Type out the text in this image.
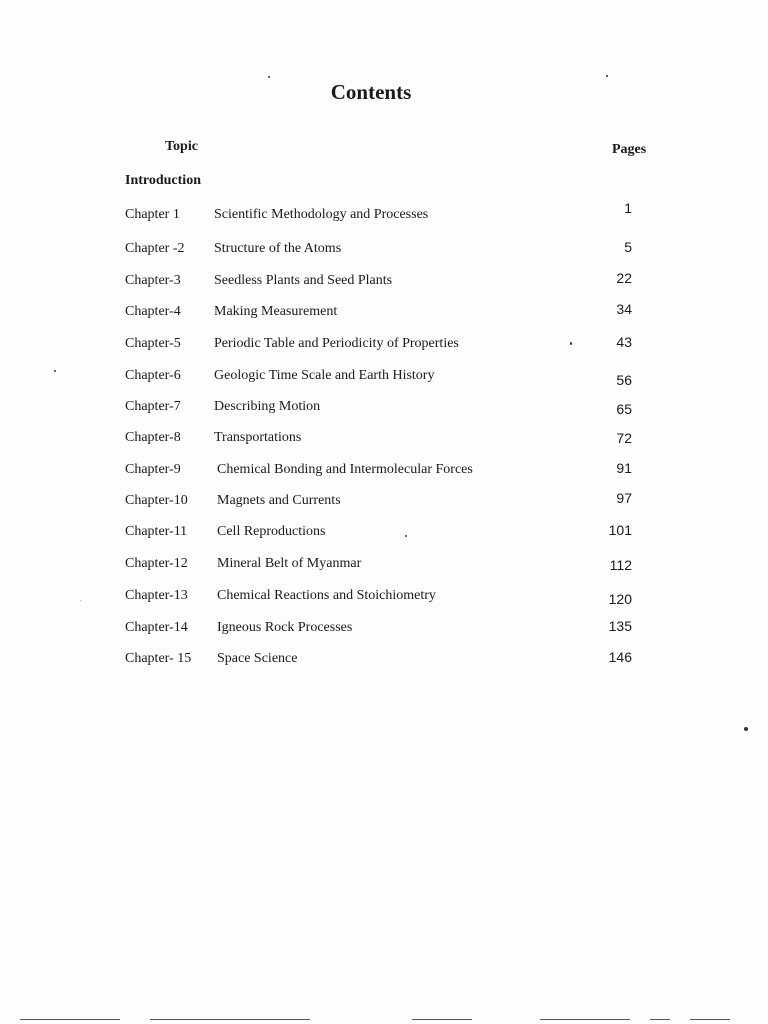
Contents
Topic	Pages
Introduction
Chapter 1 Scientific Methodology and Processes	1
Chapter -2 Structure of the Atoms	5
Chapter-3 Seedless Plants and Seed Plants	22
Chapter-4 Making Measurement	34
Chapter-5 Periodic Table and Periodicity of Properties	43
Chapter-6 Geologic Time Scale and Earth History	56
Chapter-7 Describing Motion	65
Chapter-8 Transportations	72
Chapter-9	Chemical Bonding and Intermolecular Forces	91
Chapter-10 Magnets and Currents	97
Chapter-11 Cell Reproductions	101
Chapter-12 Mineral Belt of Myanmar	112
Chapter-13 Chemical Reactions and Stoichiometry	120
Chapter-14 Igneous Rock Processes	135
Chapter- 15 Space Science	146
